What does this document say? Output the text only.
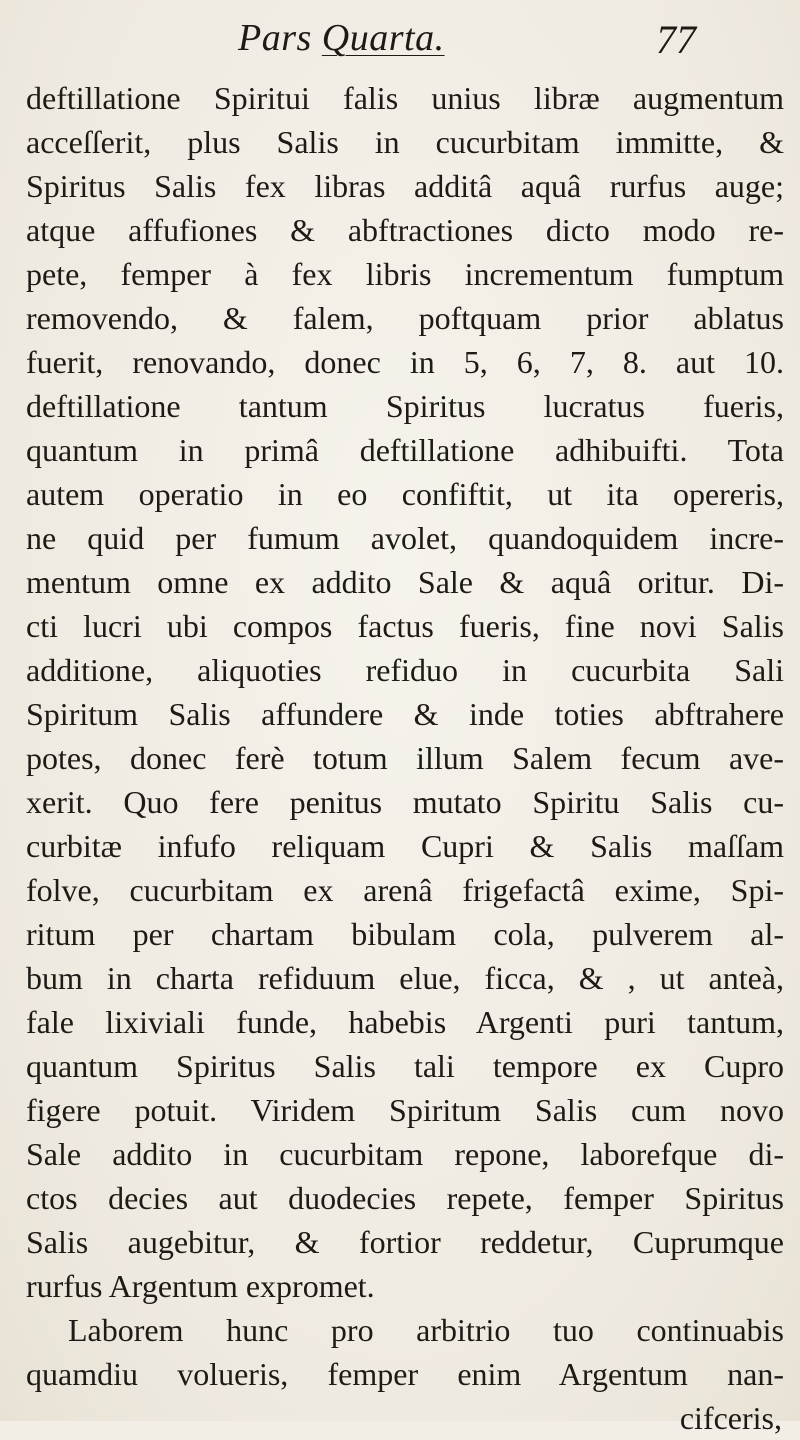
Pars Quarta.	77
deftillatione Spiritui falis unius libræ augmentum
acceſſerit, plus Salis in cucurbitam immitte, &
Spiritus Salis fex libras additâ aquâ rurfus auge;
atque affufiones & abftractiones dicto modo re-
pete, femper à fex libris incrementum fumptum
removendo, & falem, poftquam prior ablatus
fuerit, renovando, donec in 5, 6, 7, 8. aut 10.
deftillatione tantum Spiritus lucratus fueris,
quantum in primâ deftillatione adhibuifti. Tota
autem operatio in eo confiftit, ut ita opereris,
ne quid per fumum avolet, quandoquidem incre-
mentum omne ex addito Sale & aquâ oritur. Di-
cti lucri ubi compos factus fueris, fine novi Salis
additione, aliquoties refiduo in cucurbita Sali
Spiritum Salis affundere & inde toties abftrahere
potes, donec ferè totum illum Salem fecum ave-
xerit. Quo fere penitus mutato Spiritu Salis cu-
curbitæ infufo reliquam Cupri & Salis maſſam
folve, cucurbitam ex arenâ frigefactâ exime, Spi-
ritum per chartam bibulam cola, pulverem al-
bum in charta refiduum elue, ficca, & , ut anteà,
fale lixiviali funde, habebis Argenti puri tantum,
quantum Spiritus Salis tali tempore ex Cupro
figere potuit. Viridem Spiritum Salis cum novo
Sale addito in cucurbitam repone, laborefque di-
ctos decies aut duodecies repete, femper Spiritus
Salis augebitur, & fortior reddetur, Cuprumque
rurfus Argentum expromet.
Laborem hunc pro arbitrio tuo continuabis
quamdiu volueris, femper enim Argentum nan-
cifceris,
